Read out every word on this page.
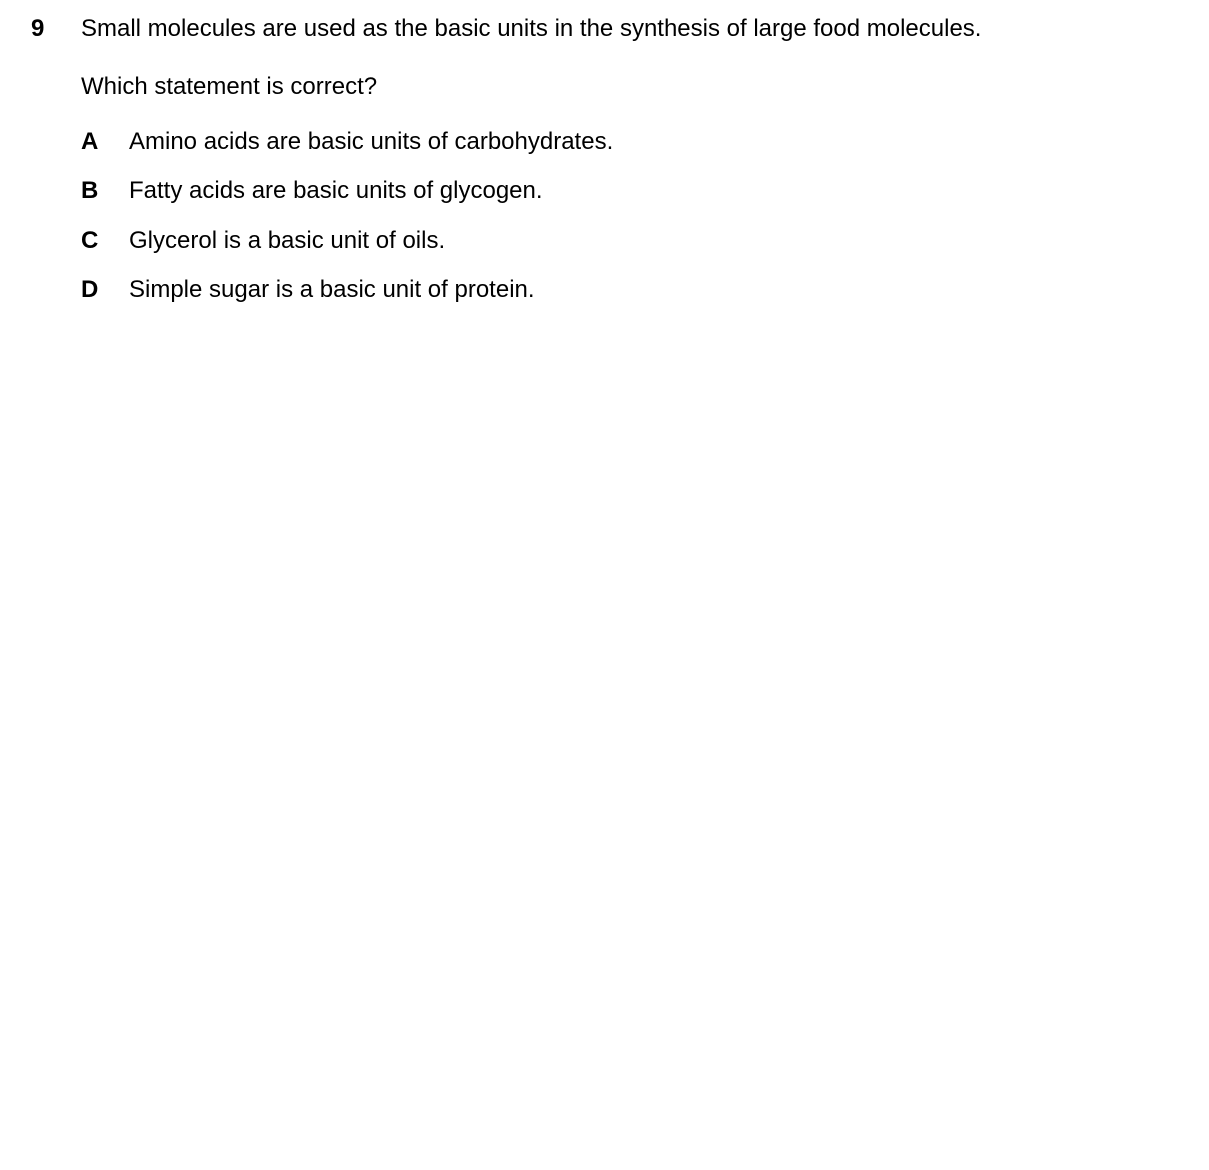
9 Small molecules are used as the basic units in the synthesis of large food molecules.
Which statement is correct?
A Amino acids are basic units of carbohydrates.
B Fatty acids are basic units of glycogen.
C Glycerol is a basic unit of oils.
D Simple sugar is a basic unit of protein.
